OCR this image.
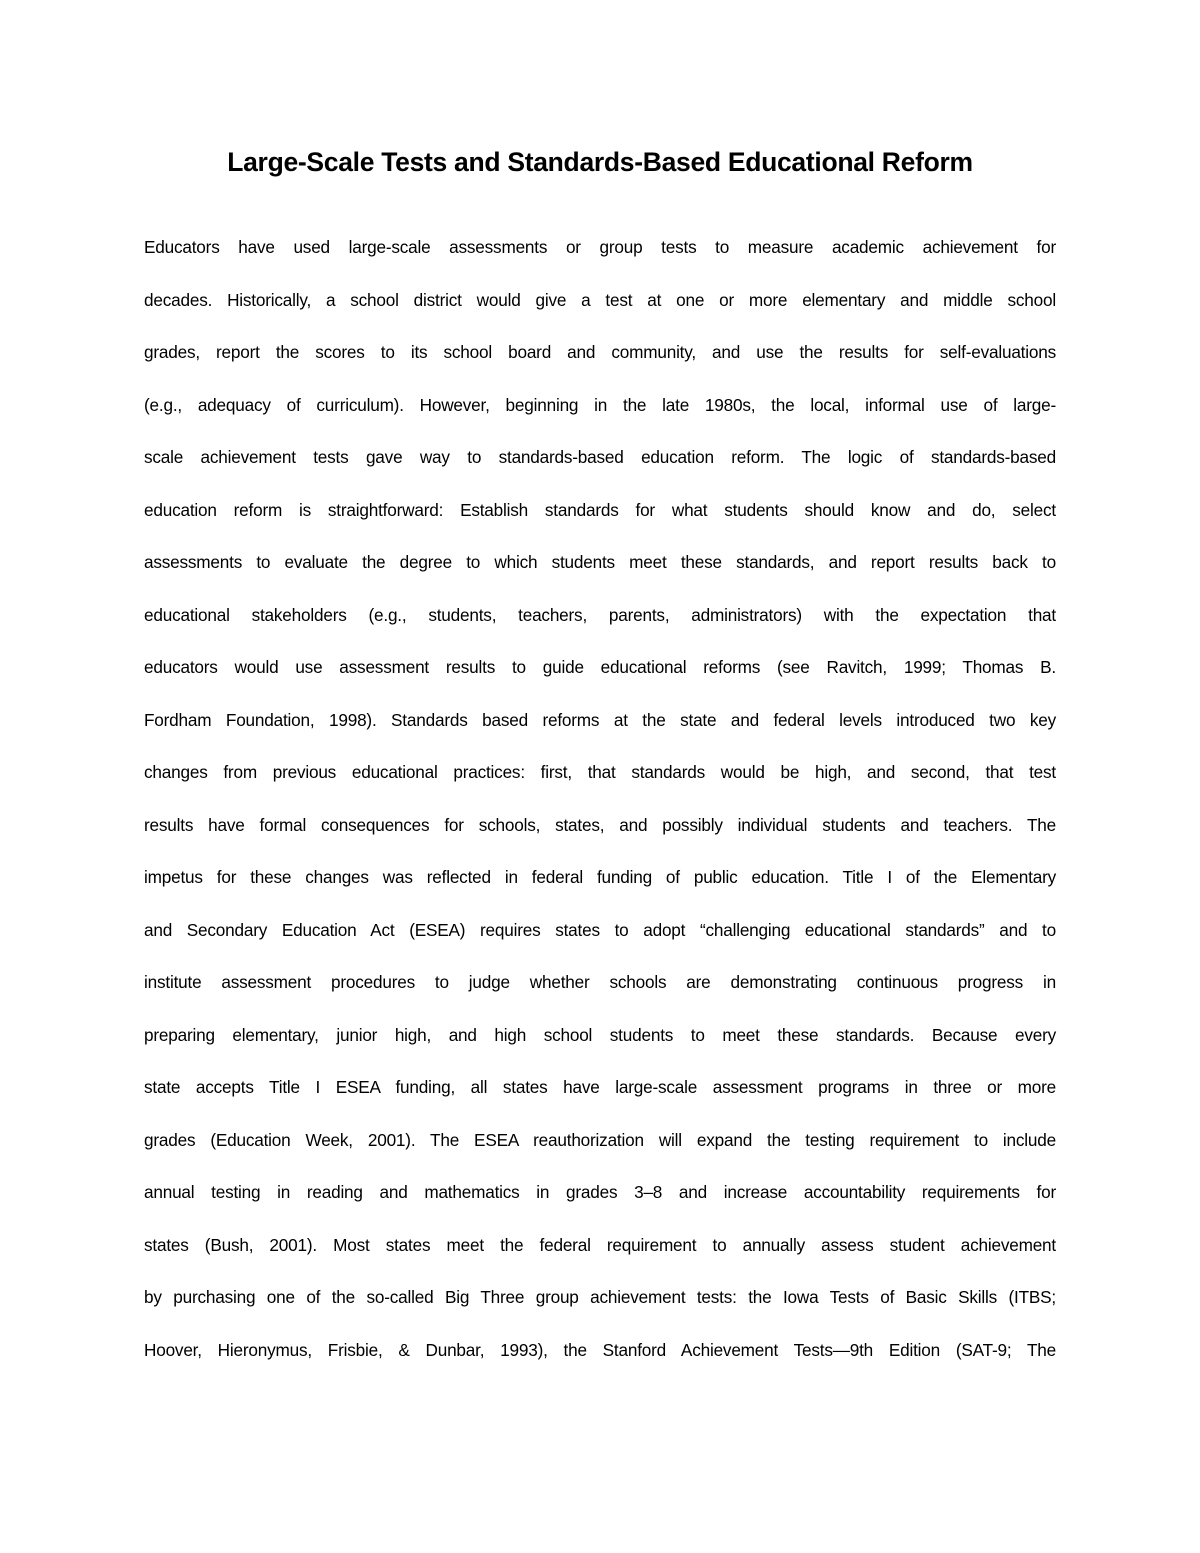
Large-Scale Tests and Standards-Based Educational Reform
Educators have used large-scale assessments or group tests to measure academic achievement for
decades. Historically, a school district would give a test at one or more elementary and middle school
grades, report the scores to its school board and community, and use the results for self-evaluations
(e.g., adequacy of curriculum). However, beginning in the late 1980s, the local, informal use of large-
scale achievement tests gave way to standards-based education reform. The logic of standards-based
education reform is straightforward: Establish standards for what students should know and do, select
assessments to evaluate the degree to which students meet these standards, and report results back to
educational stakeholders (e.g., students, teachers, parents, administrators) with the expectation that
educators would use assessment results to guide educational reforms (see Ravitch, 1999; Thomas B.
Fordham Foundation, 1998). Standards based reforms at the state and federal levels introduced two key
changes from previous educational practices: first, that standards would be high, and second, that test
results have formal consequences for schools, states, and possibly individual students and teachers. The
impetus for these changes was reflected in federal funding of public education. Title I of the Elementary
and Secondary Education Act (ESEA) requires states to adopt “challenging educational standards” and to
institute assessment procedures to judge whether schools are demonstrating continuous progress in
preparing elementary, junior high, and high school students to meet these standards. Because every
state accepts Title I ESEA funding, all states have large-scale assessment programs in three or more
grades (Education Week, 2001). The ESEA reauthorization will expand the testing requirement to include
annual testing in reading and mathematics in grades 3–8 and increase accountability requirements for
states (Bush, 2001). Most states meet the federal requirement to annually assess student achievement
by purchasing one of the so-called Big Three group achievement tests: the Iowa Tests of Basic Skills (ITBS;
Hoover, Hieronymus, Frisbie, & Dunbar, 1993), the Stanford Achievement Tests—9th Edition (SAT-9; The
